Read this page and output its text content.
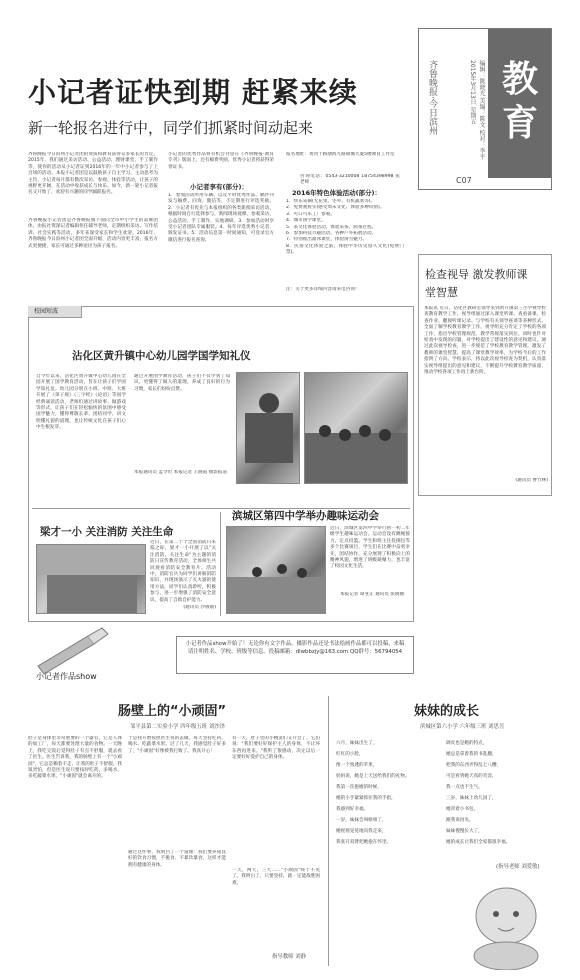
小记者证快到期 赶紧来续
新一轮报名进行中，同学们抓紧时间动起来	齐鲁晚报·今日滨州	编辑：陈晓光 美编：陈文 校对：李平 2015年3月13日 星期五 教育
C07
齐鲁晚报今日滨州小记者团的资质和教育获得众多家长的肯定。2015年，我们通过采访活动、公益活动、理财课堂、手工制作等，使你的活动从小记者证到2016年的一年中小记者参与了上百场的活动。本报小记者团是以鼓励孩子自主学习、主动思考为主旨，小记者每月都有数次采访、参观、体验等活动，让孩子的视野更开阔，在活动中收获成长与快乐。如今，新一轮小记者报名又开始了，欢迎有兴趣的同学踊跃报名。
齐鲁晚报小记者团是齐鲁晚报旗下面向全市中小学生的品牌团体，由报社资深记者编辑担任辅导老师，定期组织采访、写作培训、社会实践等活动，多年来深受家长和学生欢迎。2016年，齐鲁晚报今日滨州小记者团全面升级，活动内容更丰富，报名方式更便捷，家长可通过多种途径为孩子报名。
小记者的优秀作品将有机会刊登在《齐鲁晚报·教育专刊》版面上，还有稿费奖励，优秀小记者将获得荣誉证书。
小记者享有(部分)：
1．参加活动所用车辆、以及平时优秀作品、稿件刊发与稿费、问询、微信等，不定期进行评选奖励。2．小记者有优先与本报组织的各类新闻采访活动，根据时间自行选择参与，新闻现场观摩、参观采访、公益活动、手工制作、实地调研。3．参加活动时享受小记者团队专属服装。4．每年评选优秀小记者，颁发证书。5．活动信息第一时间通知，可登录官方微信进行报名查询。
报名地址：黄河十路渤海九路锦城大厦5楼教育工作室
咨询电话：0543-3210008 18754398998 张老师
2016年特色体验活动(部分)：
1．快乐采摘(无花果、冬枣、有机蔬菜等)。
2．免费观看实(感受周末文化、体验多种风情)。
3．可口可乐工厂参观。
4．城市国学课堂。
5．茶文化体验活动，体验采茶、制茶过程。
6．参加科技兴趣活动、各种户外拓展活动。
7．特别推出溜冰课堂，体验滑雪魅力。
8．民俗文化体验之旅，体验中华历史悠久文化(免费门票)。
注：关于更多详细内容请来电咨询！
检查视导 激发教师课堂智慧
本报讯 近日，沾化区教研室领导来到黄升镇第三小学视导检查教育教学工作。视导组通过深入课堂听课、查看备课、检查作业、翻阅听课记录、与学校有关领导座谈等多种形式，全面了解学校教育教学工作。视导组充分肯定了学校的各项工作，指出学校管理规范、教学常规落实到位。同时也针对检查中发现的问题，对学校提出了建设性的意见和建议。通过此次视导检查，进一步规范了学校教育教学管理，激发了教师的课堂智慧，提高了课堂教学效率，为学校今后的工作指明了方向。学校表示，将以此次视导检查为契机，认真落实视导组提出的意见和建议，不断提升学校教育教学质量，推动学校各项工作再上新台阶。
(通讯员 曹竹林)
校园短波
沾化区黄升镇中心幼儿园学国学知礼仪
自今年以来，沾化区黄升镇中心幼儿园在全园开展了国学教育活动，旨在让孩子们学国学知礼仪。幼儿园分别在小班、中班、大班开展了《弟子规》《三字经》《论语》等国学经典诵读活动，老师们通过讲故事、做游戏等形式，让孩子们在轻松愉快的氛围中感受国学魅力，懂得尊敬长辈、团结同学、讲文明懂礼貌的道理，也让传统文化在孩子们心中生根发芽。
通过开展国学教育活动，孩子们不仅学到了知识，更懂得了做人的道理，养成了良好的行为习惯，家长们纷纷点赞。
本报通讯员 孟令坦 本报记者 王晓霞 摄影报道
梁才一小 关注消防 关注生命
近日，在第二十个全国消防日来临之际，梁才一小开展了以"关注消防，关注生命"为主题的消防日宣传教育活动，全体师生共同观看消防安全教育片。活动中，消防官兵为同学们讲解消防知识，并现场演示了灭火器的使用方法，同学们认真聆听，积极参与，进一步增强了消防安全意识，提高了自救自护能力。
(通讯员 沙敬敬)
滨城区第四中学举办趣味运动会
近日，滨城区第四中学举行初一初二年级学生趣味运动会。运动会设有跳绳接力、定点投篮、学生和班主任投掷包等多个比赛项目，学生们在比赛中奋勇争先，团结协作，充分展现了积极向上的精神风貌，增进了班级凝聚力，也丰富了校园文化生活。
本报记者 谭亚正 通讯员 张晓丽
小记者作品show
小记者作品show开始了！无论你有文字作品、摄影作品还是书法绘画作品都可以投稿，来稿请注明姓名、学校、班级等信息。投稿邮箱：dlwbbzjy@163.com QQ群号：56794054
肠壁上的“小顽固”
邹平县第二实验小学 四年级五班 刘沙泽
肚子是身体里非常重要的一个器官，它是人体的加工厂，每天都要处理大量的食物。一天晚上，我吃完饭后觉得肚子有点不舒服，就去看了医生。医生告诉我，我的肠壁上有一个"小顽固"，它总是赖着不走，让我的肚子不舒服。我很害怕，但是医生说只要按时吃药，多喝水，多吃蔬菜水果，"小顽固"就会离开的。
于是我开始按照医生说的去做，每天坚持吃药、喝水、吃蔬菜水果。过了几天，我感觉肚子好多了，"小顽固"好像被我打败了。我真开心！
通过这件事，我明白了一个道理：我们要养成良好的饮食习惯，不挑食、不暴饮暴食，这样才能拥有健康的身体。
有一天，肚子里的小精灵们又开会了，它们说："我们要好好保护主人的身体，不让坏东西再进来。"我听了很感动，决定以后一定要好好爱护自己的身体。
一天，两天，三天……"小顽固"终于不见了。我明白了，只要坚持，就一定能战胜困难。
指导教师 刘静
妹妹的成长
滨城区第六小学 六年级三班 刘思昱
六月，妹妹出生了，
红红的小脸，
像一个熟透的苹果，
妈妈说，她是上天送给我们的礼物。
我第一次抱她的时候，
她的小手紧紧抓住我的手指，
我感到好幸福。
一岁，妹妹会叫姐姐了，
她摇摇晃晃地向我走来，
我张开双臂把她抱在怀里。
调皮也是她的特点，
她总是拿着我的书乱翻，
把我的东西弄得乱七八糟，
可是看到她天真的笑容，
我一点也不生气。
三岁，妹妹上幼儿园了，
她背着小书包，
跟我说再见。
妹妹慢慢长大了，
她的成长让我们全家都很幸福。
(指导老师 刘爱敏)
